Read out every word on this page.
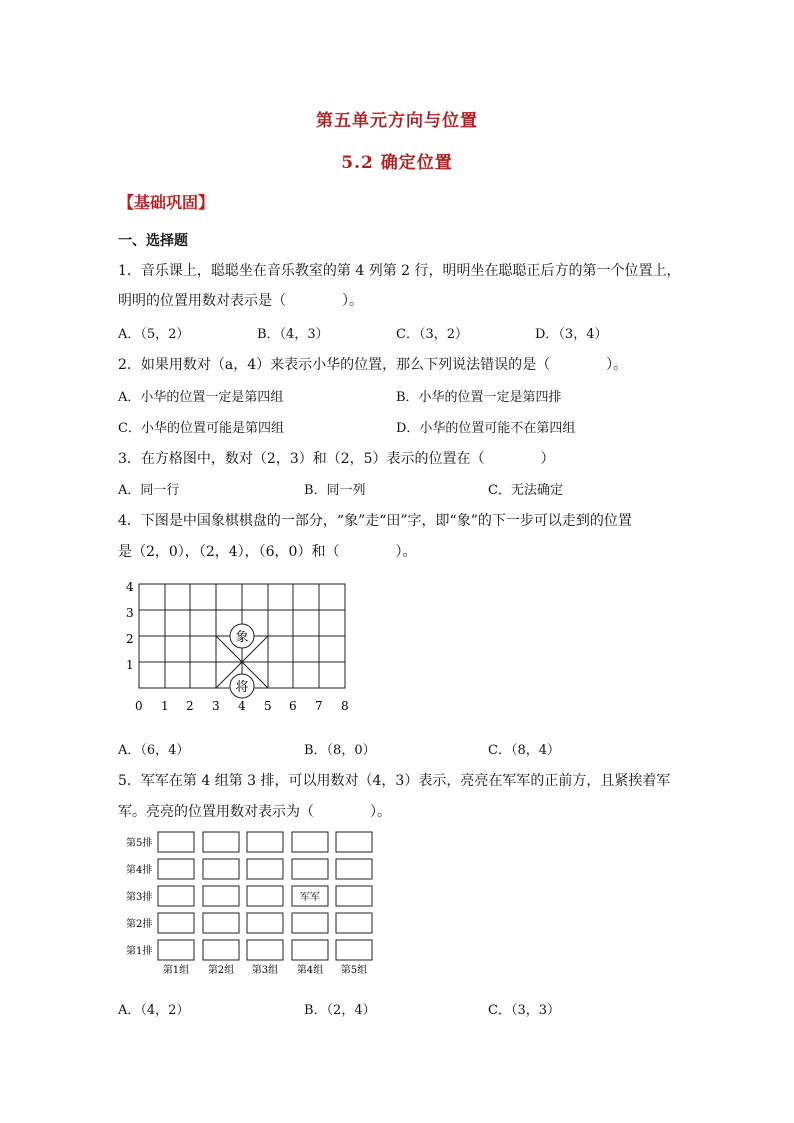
第五单元方向与位置
5.2 确定位置
【基础巩固】
一、选择题
1．音乐课上，聪聪坐在音乐教室的第 4 列第 2 行，明明坐在聪聪正后方的第一个位置上，
明明的位置用数对表示是（　　　　）。
A．（5，2）	B．（4，3）	C．（3，2）	D．（3，4）
2．如果用数对（a，4）来表示小华的位置，那么下列说法错误的是（　　　　）。
A．小华的位置一定是第四组	B．小华的位置一定是第四排
C．小华的位置可能是第四组	D．小华的位置可能不在第四组
3．在方格图中，数对（2，3）和（2，5）表示的位置在（　　　　）
A．同一行	B．同一列	C．无法确定
4．下图是中国象棋棋盘的一部分，“象”走“田”字，即“象”的下一步可以走到的位置
是（2，0），（2，4），（6，0）和（　　　　）。
4
3
2
1
0 1 2 3 4 5 6 7 8
象
将
A．（6，4）	B．（8，0）	C．（8，4）
5．军军在第 4 组第 3 排，可以用数对（4，3）表示，亮亮在军军的正前方，且紧挨着军
军。亮亮的位置用数对表示为（　　　　）。
第5排
第4排
第3排
第2排
第1排
军军
第1组 第2组 第3组 第4组 第5组
A．（4，2）	B．（2，4）	C．（3，3）
